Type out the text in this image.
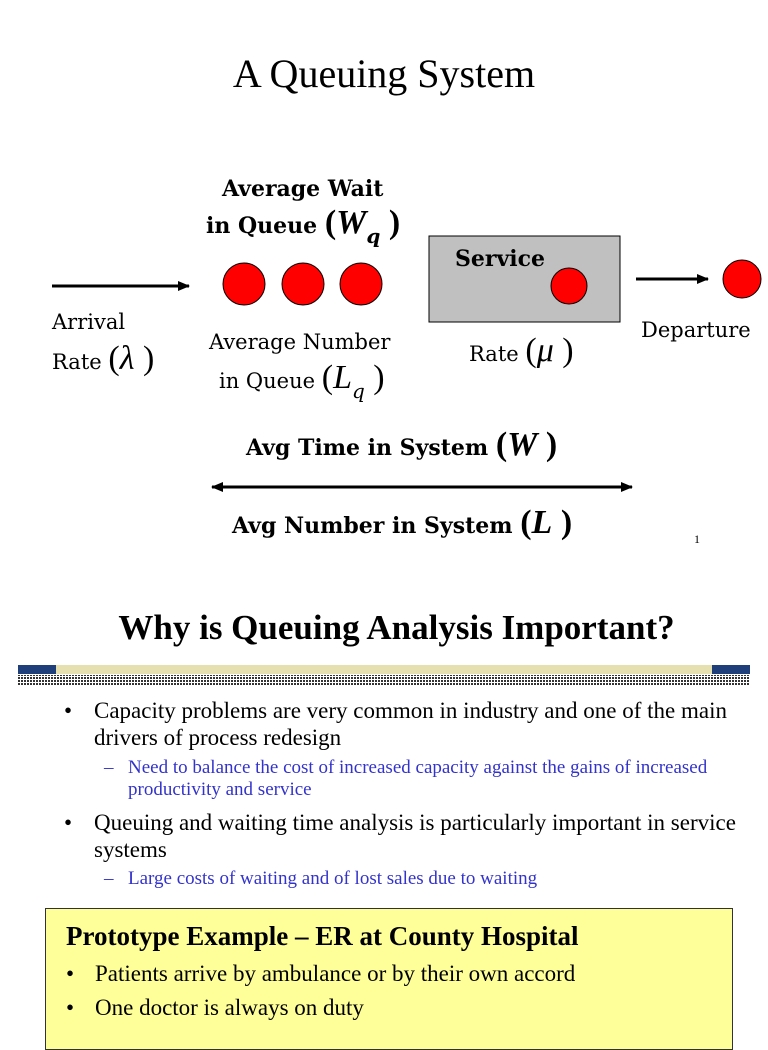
A Queuing System
Average Wait
in Queue (Wq )
Service
Arrival
Rate (λ )	Average Number
in Queue (Lq )
Rate (μ )
Departure
Avg Time in System (W )
Avg Number in System (L )	1
Why is Queuing Analysis Important?
• Capacity problems are very common in industry and one of the main drivers of process redesign
– Need to balance the cost of increased capacity against the gains of increased productivity and service
• Queuing and waiting time analysis is particularly important in service systems
– Large costs of waiting and of lost sales due to waiting
Prototype Example – ER at County Hospital
• Patients arrive by ambulance or by their own accord
• One doctor is always on duty
